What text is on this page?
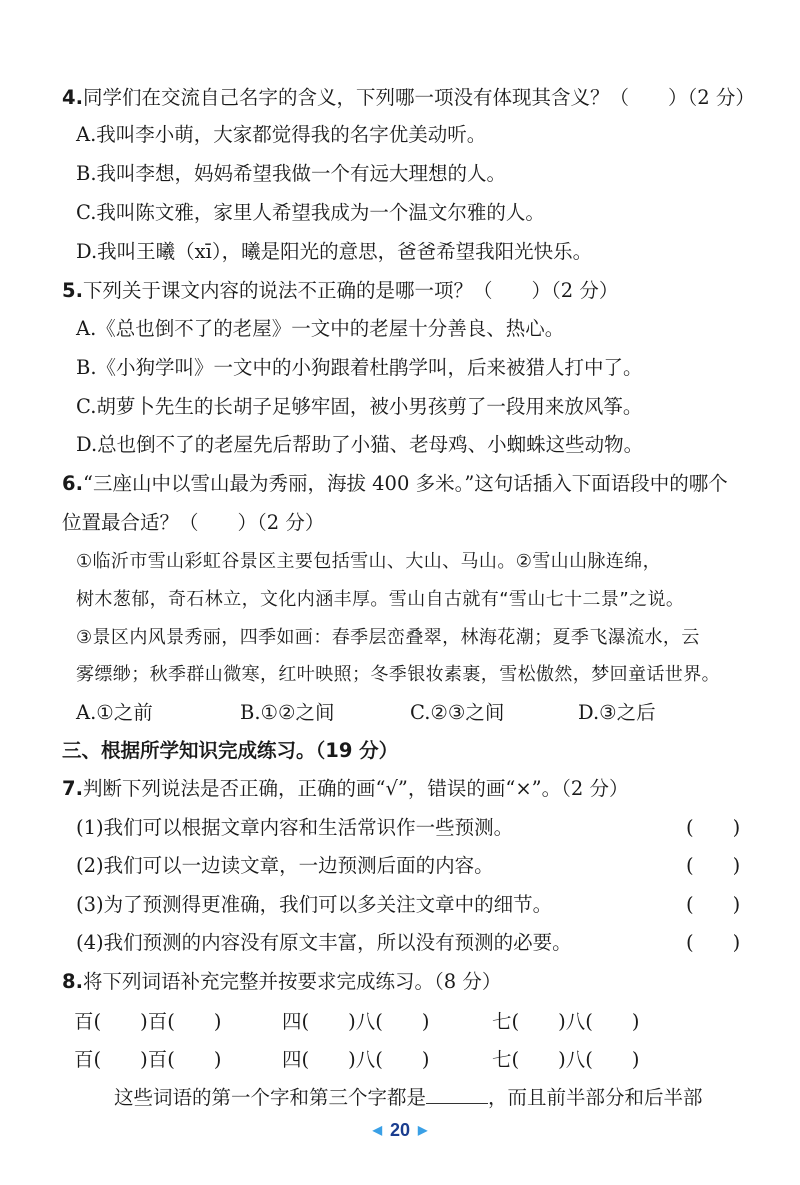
4.同学们在交流自己名字的含义，下列哪一项没有体现其含义？（　　）（2 分）
A.我叫李小萌，大家都觉得我的名字优美动听。
B.我叫李想，妈妈希望我做一个有远大理想的人。
C.我叫陈文雅，家里人希望我成为一个温文尔雅的人。
D.我叫王曦（xī），曦是阳光的意思，爸爸希望我阳光快乐。
5.下列关于课文内容的说法不正确的是哪一项？（　　）（2 分）
A.《总也倒不了的老屋》一文中的老屋十分善良、热心。
B.《小狗学叫》一文中的小狗跟着杜鹃学叫，后来被猎人打中了。
C.胡萝卜先生的长胡子足够牢固，被小男孩剪了一段用来放风筝。
D.总也倒不了的老屋先后帮助了小猫、老母鸡、小蜘蛛这些动物。
6.“三座山中以雪山最为秀丽，海拔 400 多米。”这句话插入下面语段中的哪个
位置最合适？（　　）（2 分）
①临沂市雪山彩虹谷景区主要包括雪山、大山、马山。②雪山山脉连绵，
树木葱郁，奇石林立，文化内涵丰厚。雪山自古就有“雪山七十二景”之说。
③景区内风景秀丽，四季如画：春季层峦叠翠，林海花潮；夏季飞瀑流水，云
雾缥缈；秋季群山微寒，红叶映照；冬季银妆素裹，雪松傲然，梦回童话世界。
A.①之前	B.①②之间	C.②③之间	D.③之后
三、根据所学知识完成练习。（19 分）
7.判断下列说法是否正确，正确的画“√”，错误的画“×”。（2 分）
(1)我们可以根据文章内容和生活常识作一些预测。	(　　)
(2)我们可以一边读文章，一边预测后面的内容。	(　　)
(3)为了预测得更准确，我们可以多关注文章中的细节。	(　　)
(4)我们预测的内容没有原文丰富，所以没有预测的必要。	(　　)
8.将下列词语补充完整并按要求完成练习。（8 分）
百(　　)百(　　)	四(　　)八(　　)	七(　　)八(　　)
百(　　)百(　　)	四(　　)八(　　)	七(　　)八(　　)
这些词语的第一个字和第三个字都是	，而且前半部分和后半部
◀ 20 ▶
